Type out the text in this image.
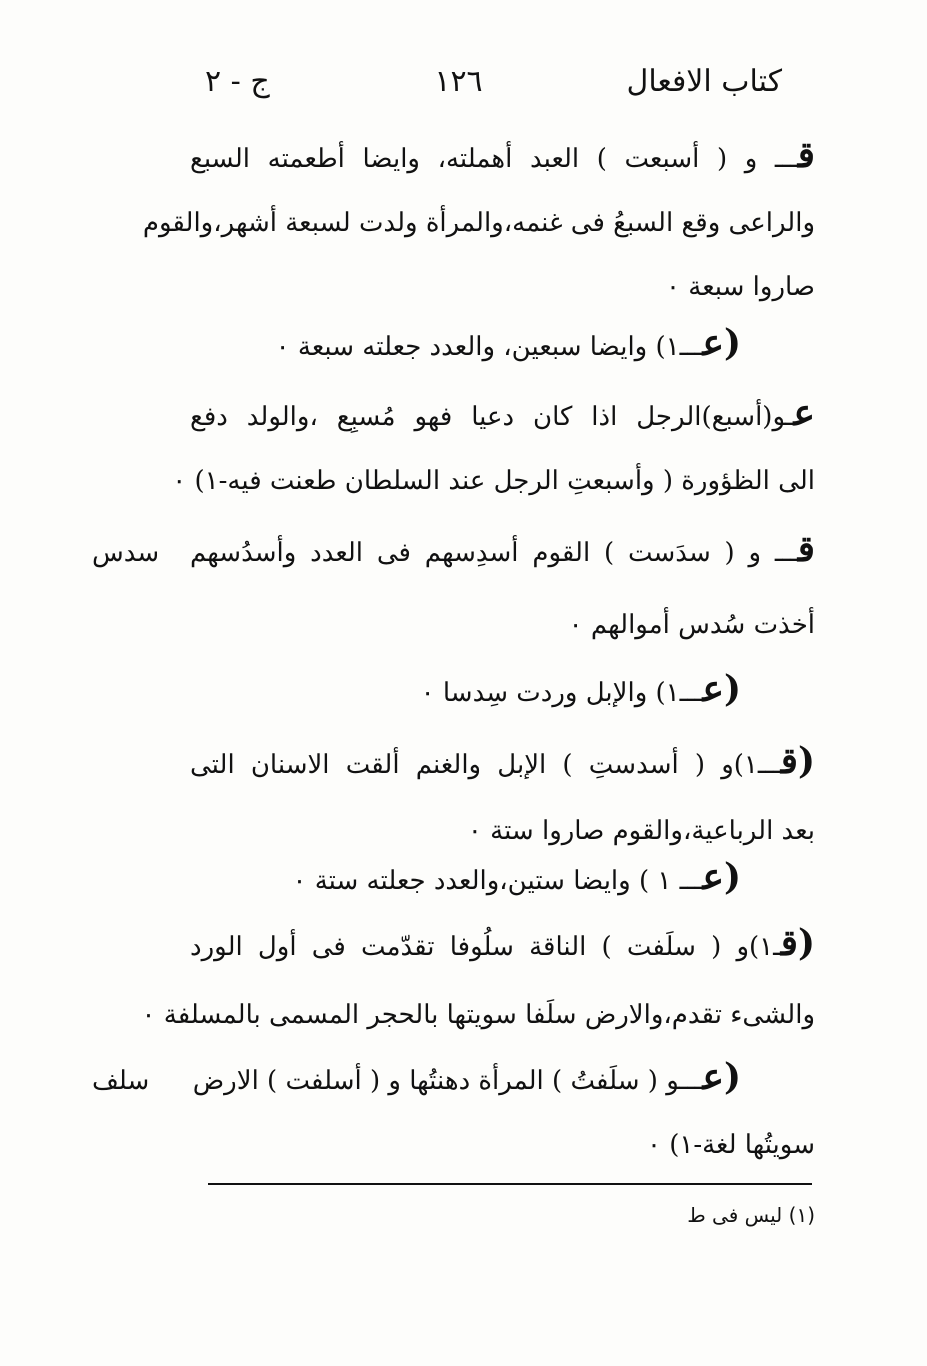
كتاب الافعال
١٢٦
ج - ٢
قـــ و ( أسبعت ) العبد أهملته، وايضا أطعمته السبع
والراعى وقع السبعُ فى غنمه،والمرأة ولدت لسبعة أشهر،والقوم
صاروا سبعة ٠
(عـــ١) وايضا سبعين، والعدد جعلته سبعة ٠
عـو(أسبع)الرجل اذا كان دعيا فهو مُسبِع ،والولد دفع
الى الظؤورة ( وأسبعتِ الرجل عند السلطان طعنت فيه-١) ٠
سدس	قـــ و ( سدَست ) القوم أسدِسهم فى العدد وأسدُسهم
أخذت سُدس أموالهم ٠
(عـــ١) والإبل وردت سِدسا ٠
(قـــ١)و ( أسدستِ ) الإبل والغنم ألقت الاسنان التى
بعد الرباعية،والقوم صاروا ستة ٠
(عـــ ١ ) وايضا ستين،والعدد جعلته ستة ٠
(قـ١)و ( سلَفت ) الناقة سلُوفا تقدّمت فى أول الورد
والشىء تقدم،والارض سلَفا سويتها بالحجر المسمى بالمسلفة ٠
سلف	(عـــو ( سلَفتُ ) المرأة دهنتُها و ( أسلفت ) الارض
سويتُها لغة-١) ٠
(١) ليس فى ط
